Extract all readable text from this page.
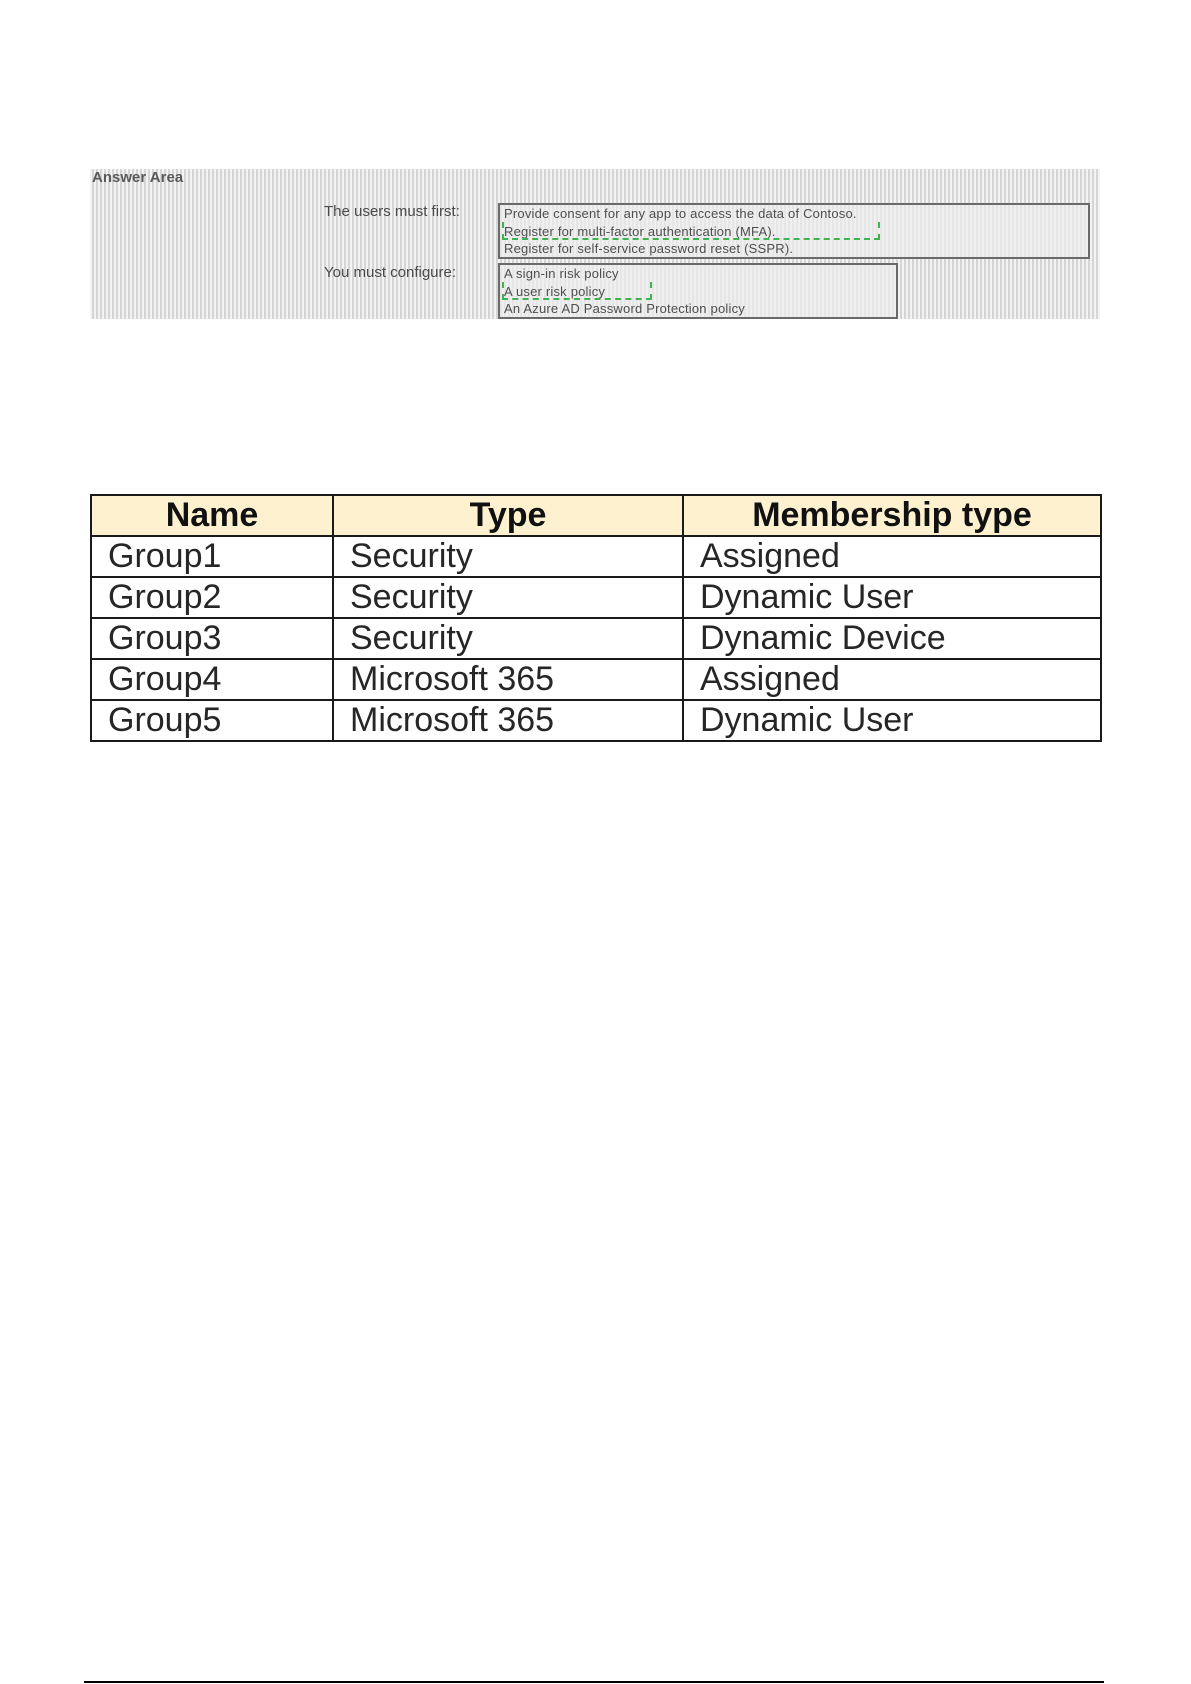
Answer Area
The users must first:	Provide consent for any app to access the data of Contoso.
Register for multi-factor authentication (MFA).
Register for self-service password reset (SSPR).
You must configure:	A sign-in risk policy
A user risk policy
An Azure AD Password Protection policy
Name	Type	Membership type
Group1	Security	Assigned
Group2	Security	Dynamic User
Group3	Security	Dynamic Device
Group4	Microsoft 365	Assigned
Group5	Microsoft 365	Dynamic User
